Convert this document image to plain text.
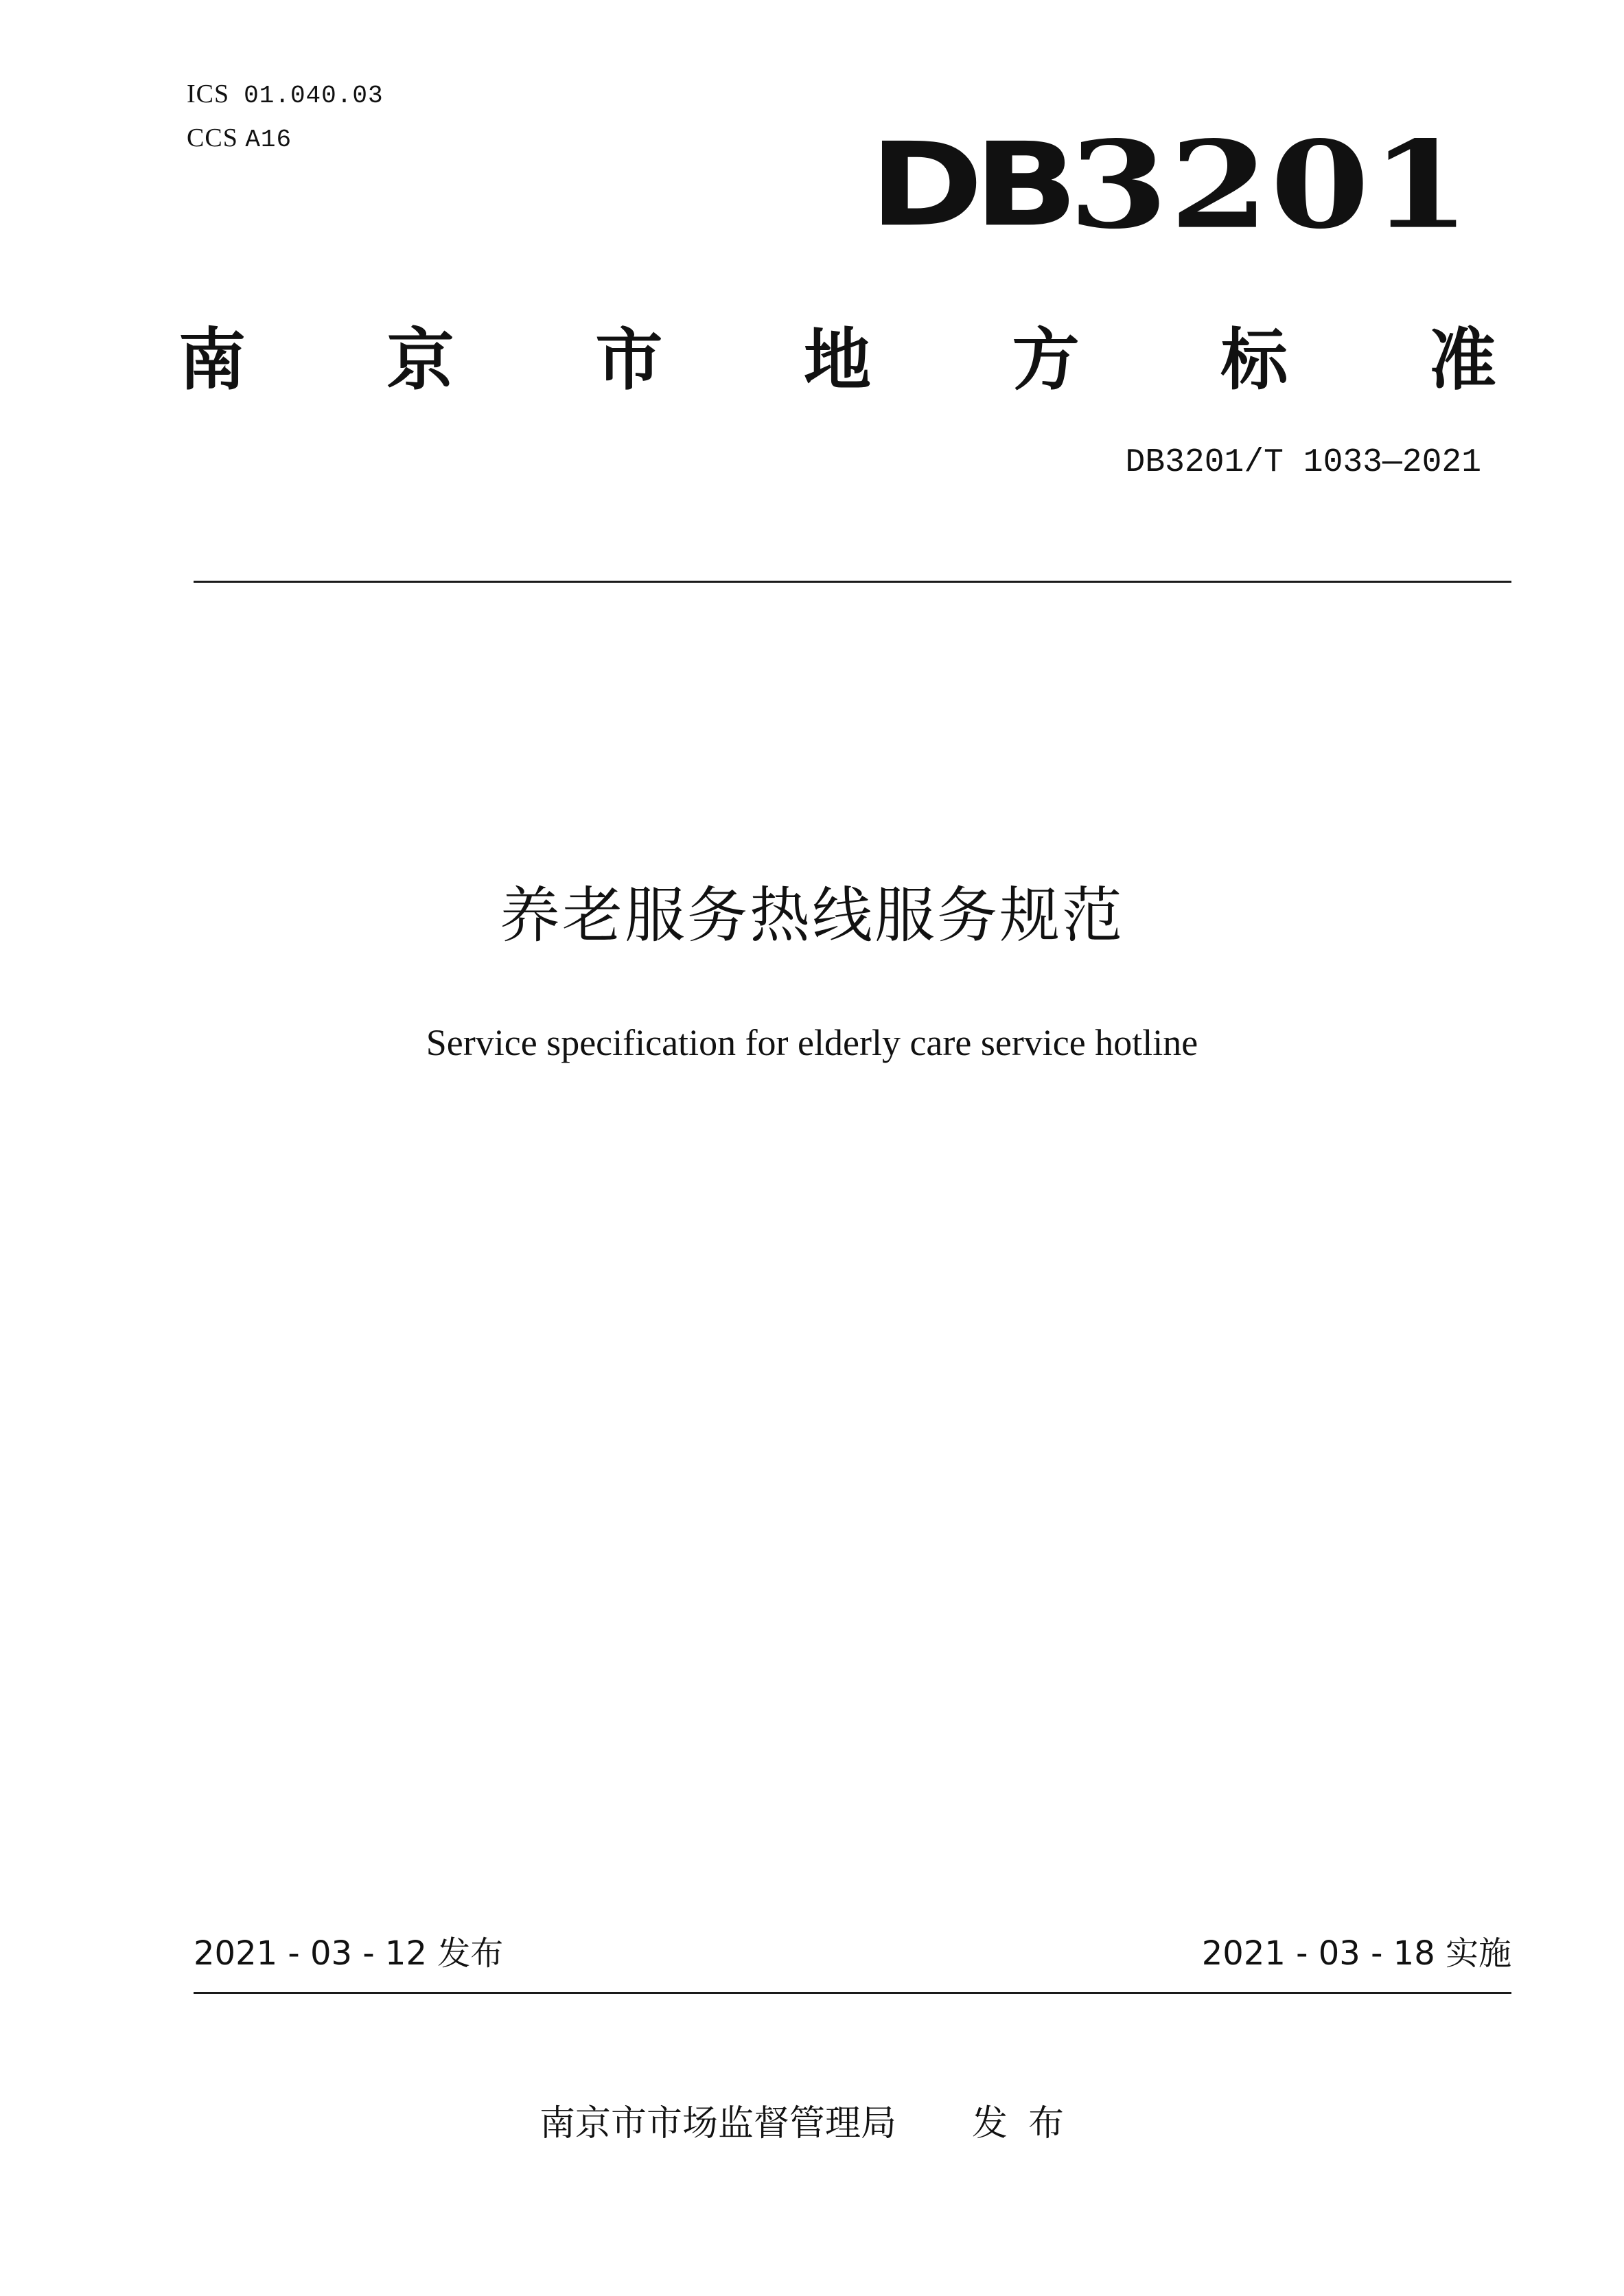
ICS 01.040.03
CCS A16	DB 3201
南 京 市 地 方 标 准
DB3201/T 1033—2021
养老服务热线服务规范
Service specification for elderly care service hotline
2021 - 03 - 12 发布	2021 - 03 - 18 实施
南京市市场监督管理局 发布
